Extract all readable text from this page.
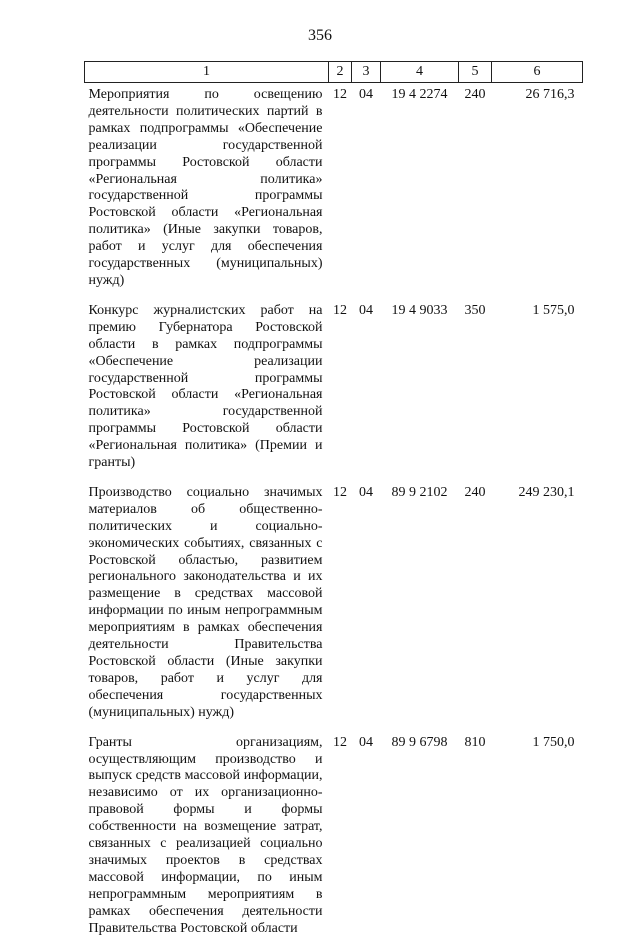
356
1	2	3	4	5	6
Мероприятия по освещению деятельности политических партий в рамках подпрограммы «Обеспечение реализации государственной программы Ростовской области «Региональная политика» государственной программы Ростовской области «Региональная политика» (Иные закупки товаров, работ и услуг для обеспечения государственных (муниципальных) нужд)	12	04	19 4 2274	240	26 716,3
Конкурс журналистских работ на премию Губернатора Ростовской области в рамках подпрограммы «Обеспечение реализации государственной программы Ростовской области «Региональная политика» государственной программы Ростовской области «Региональная политика» (Премии и гранты)	12	04	19 4 9033	350	1 575,0
Производство социально значимых материалов об общественно-политических и социально-экономических событиях, связанных с Ростовской областью, развитием регионального законодательства и их размещение в средствах массовой информации по иным непрограммным мероприятиям в рамках обеспечения деятельности Правительства Ростовской области (Иные закупки товаров, работ и услуг для обеспечения государственных (муниципальных) нужд)	12	04	89 9 2102	240	249 230,1
Гранты организациям, осуществляющим производство и выпуск средств массовой информации, независимо от их организационно-правовой формы и формы собственности на возмещение затрат, связанных с реализацией социально значимых проектов в средствах массовой информации, по иным непрограммным мероприятиям в рамках обеспечения деятельности Правительства Ростовской области	12	04	89 9 6798	810	1 750,0
